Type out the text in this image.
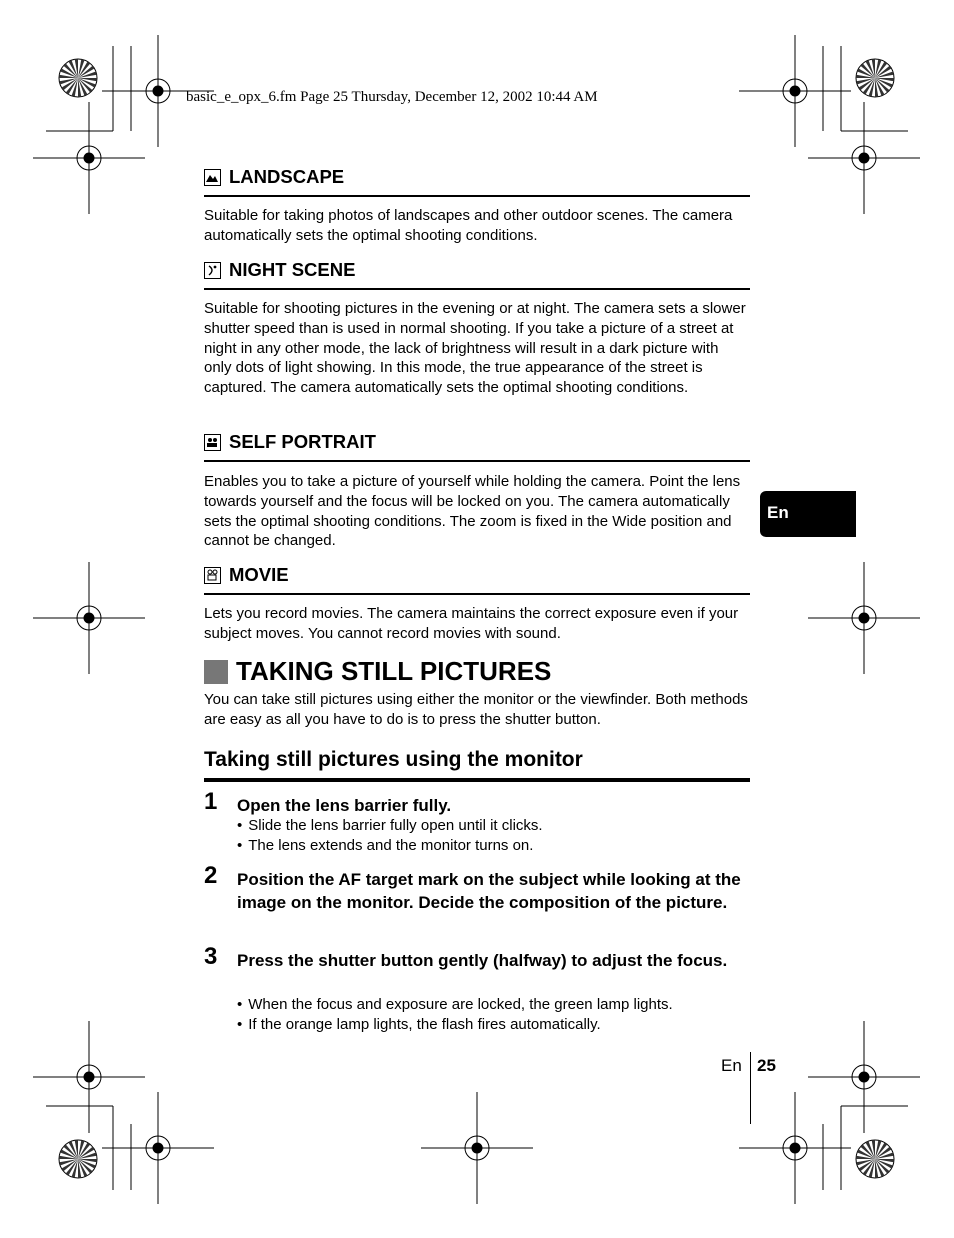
basic_e_opx_6.fm Page 25 Thursday, December 12, 2002 10:44 AM
LANDSCAPE
Suitable for taking photos of landscapes and other outdoor scenes. The camera automatically sets the optimal shooting conditions.
NIGHT SCENE
Suitable for shooting pictures in the evening or at night. The camera sets a slower shutter speed than is used in normal shooting. If you take a picture of a street at night in any other mode, the lack of brightness will result in a dark picture with only dots of light showing. In this mode, the true appearance of the street is captured. The camera automatically sets the optimal shooting conditions.
SELF PORTRAIT
Enables you to take a picture of yourself while holding the camera. Point the lens towards yourself and the focus will be locked on you. The camera automatically sets the optimal shooting conditions. The zoom is fixed in the Wide position and cannot be changed.
MOVIE
Lets you record movies. The camera maintains the correct exposure even if your subject moves. You cannot record movies with sound.
TAKING STILL PICTURES
You can take still pictures using either the monitor or the viewfinder. Both methods are easy as all you have to do is to press the shutter button.
Taking still pictures using the monitor
1 Open the lens barrier fully.
• Slide the lens barrier fully open until it clicks.
• The lens extends and the monitor turns on.
2 Position the AF target mark on the subject while looking at the image on the monitor. Decide the composition of the picture.
3 Press the shutter button gently (halfway) to adjust the focus.
• When the focus and exposure are locked, the green lamp lights.
• If the orange lamp lights, the flash fires automatically.
En
En 25
